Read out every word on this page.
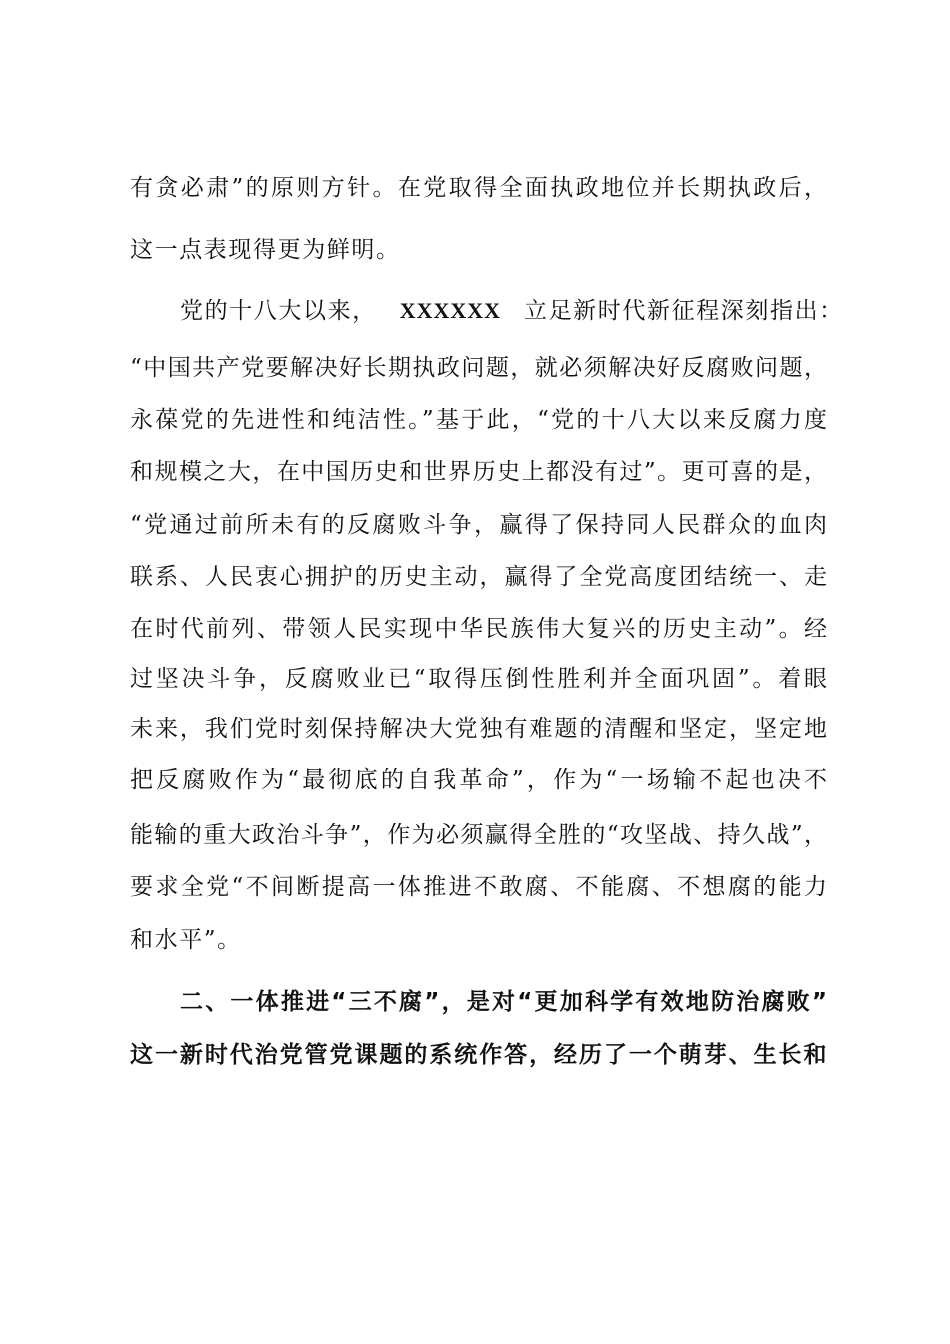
有贪必肃”的原则方针。在党取得全面执政地位并长期执政后，
这一点表现得更为鲜明。
党的十八大以来， XXXXXX 立足新时代新征程深刻指出：
“中国共产党要解决好长期执政问题，就必须解决好反腐败问题，
永葆党的先进性和纯洁性。”基于此，“党的十八大以来反腐力度
和规模之大，在中国历史和世界历史上都没有过”。更可喜的是，
“党通过前所未有的反腐败斗争，赢得了保持同人民群众的血肉
联系、人民衷心拥护的历史主动，赢得了全党高度团结统一、走
在时代前列、带领人民实现中华民族伟大复兴的历史主动”。经
过坚决斗争，反腐败业已“取得压倒性胜利并全面巩固”。着眼
未来，我们党时刻保持解决大党独有难题的清醒和坚定，坚定地
把反腐败作为“最彻底的自我革命”，作为“一场输不起也决不
能输的重大政治斗争”，作为必须赢得全胜的“攻坚战、持久战”，
要求全党“不间断提高一体推进不敢腐、不能腐、不想腐的能力
和水平”。
二、一体推进“三不腐”，是对“更加科学有效地防治腐败”
这一新时代治党管党课题的系统作答，经历了一个萌芽、生长和
